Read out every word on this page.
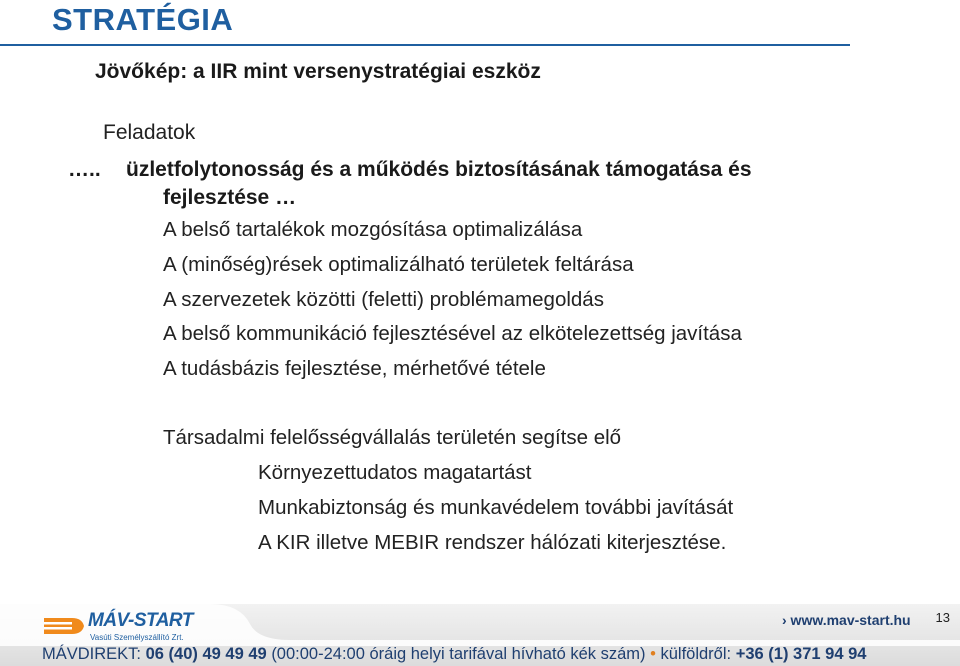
STRATÉGIA
Jövőkép: a IIR mint versenystratégiai eszköz
Feladatok
….. üzletfolytonosság és a működés biztosításának támogatása és
fejlesztése …
A belső tartalékok mozgósítása optimalizálása
A (minőség)rések optimalizálható területek feltárása
A szervezetek közötti (feletti) problémamegoldás
A belső kommunikáció fejlesztésével az elkötelezettség javítása
A tudásbázis fejlesztése, mérhetővé tétele
Társadalmi felelősségvállalás területén segítse elő
Környezettudatos magatartást
Munkabiztonság és munkavédelem további javítását
A KIR illetve MEBIR rendszer hálózati kiterjesztése.
MÁV-START
Vasúti Személyszállító Zrt.
› www.mav-start.hu 13
MÁVDIREKT: 06 (40) 49 49 49 (00:00-24:00 óráig helyi tarifával hívható kék szám) • külföldről: +36 (1) 371 94 94
